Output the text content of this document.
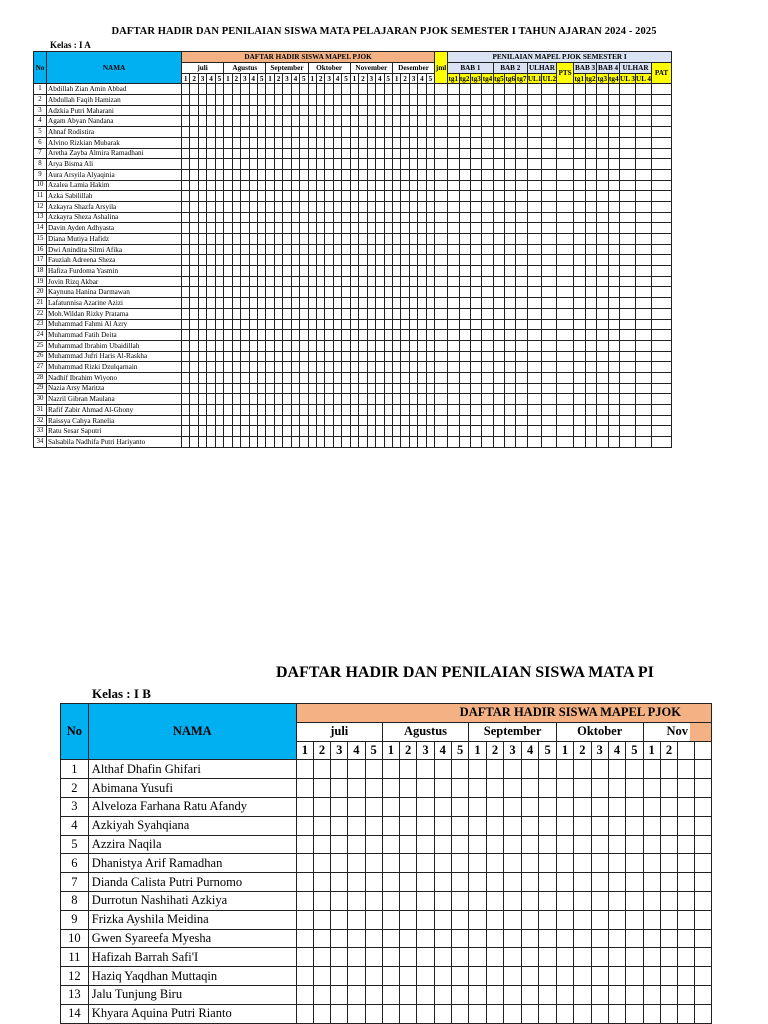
DAFTAR HADIR DAN PENILAIAN SISWA MATA PELAJARAN PJOK SEMESTER I TAHUN AJARAN 2024 - 2025
Kelas : I A
No	NAMA	DAFTAR HADIR SISWA MAPEL PJOK																														jml	PENILAIAN MAPEL PJOK SEMESTER I																
		juli					Agustus					September					Oktober					November					Desember						BAB 1				BAB 2			ULHAR		PTS	BAB 3		BAB 4		ULHAR		PAT
		1	2	3	4	5	1	2	3	4	5	1	2	3	4	5	1	2	3	4	5	1	2	3	4	5	1	2	3	4	5		tg1	tg2	tg3	tg4	tg5	tg6	tg7	UL1	UL2		tg1	tg2	tg3	tg4	UL 3	UL 4	
1	Abdillah Zian Amin Abbad																																																
2	Abdullah Faqih Hamizan																																																
3	Adzkia Putri Maharani																																																
4	Agam Abyan Nandana																																																
5	Ahnaf Rodistira																																																
6	Alvino Rizkian Mubarak																																																
7	Aretha Zayba Almira Ramadhani																																																
8	Arya Bisma Ali																																																
9	Aura Arsyila Alyaqinia																																																
10	Azalea Lamia Hakim																																																
11	Azka Sabilillah																																																
12	Azkayra Shazfa Arsyila																																																
13	Azkayra Sheza Ashalina																																																
14	Davin Ayden Adhyasta																																																
15	Diana Mutiya Hafidz																																																
16	Dwi Anindita Silmi Afika																																																
17	Fauziah Adreena Sheza																																																
18	Hafiza Furdoma Yasmin																																																
19	Jovin Rizq Akbar																																																
20	Kaynuna Hanina Darmawan																																																
21	Lafatunnisa Azarine Azizi																																																
22	Moh.Wildan Rizky Pratama																																																
23	Muhammad Fahmi Al Azry																																																
24	Muhammad Fatih Deita																																																
25	Muhammad Ibrahim Ubaidillah																																																
26	Muhammad Jufri Haris Al-Raskha																																																
27	Muhammad Rizki Dzulqarnain																																																
28	Nadhif Ibrahim Wiyono																																																
29	Nazia Arsy Maritza																																																
30	Nazril Gibran Maulana																																																
31	Rafif Zabir Ahmad Al-Ghony																																																
32	Raissya Cahya Ranelia																																																
33	Ratu Sesar Saputri																																																
34	Salsabila Nadhifa Putri Hariyanto																																																
DAFTAR HADIR DAN PENILAIAN SISWA MATA PI
Kelas : I B
No	NAMA	DAFTAR HADIR SISWA MAPEL PJOK																							
		juli					Agustus					September					Oktober					Nov			
		1	2	3	4	5	1	2	3	4	5	1	2	3	4	5	1	2	3	4	5	1	2		
1	Althaf Dhafin Ghifari																								
2	Abimana Yusufi																								
3	Alveloza Farhana Ratu Afandy																								
4	Azkiyah Syahqiana																								
5	Azzira Naqila																								
6	Dhanistya Arif Ramadhan																								
7	Dianda Calista Putri Purnomo																								
8	Durrotun Nashihati Azkiya																								
9	Frizka Ayshila Meidina																								
10	Gwen Syareefa Myesha																								
11	Hafizah Barrah Safi'I																								
12	Haziq Yaqdhan Muttaqin																								
13	Jalu Tunjung Biru																								
14	Khyara Aquina Putri Rianto																								
